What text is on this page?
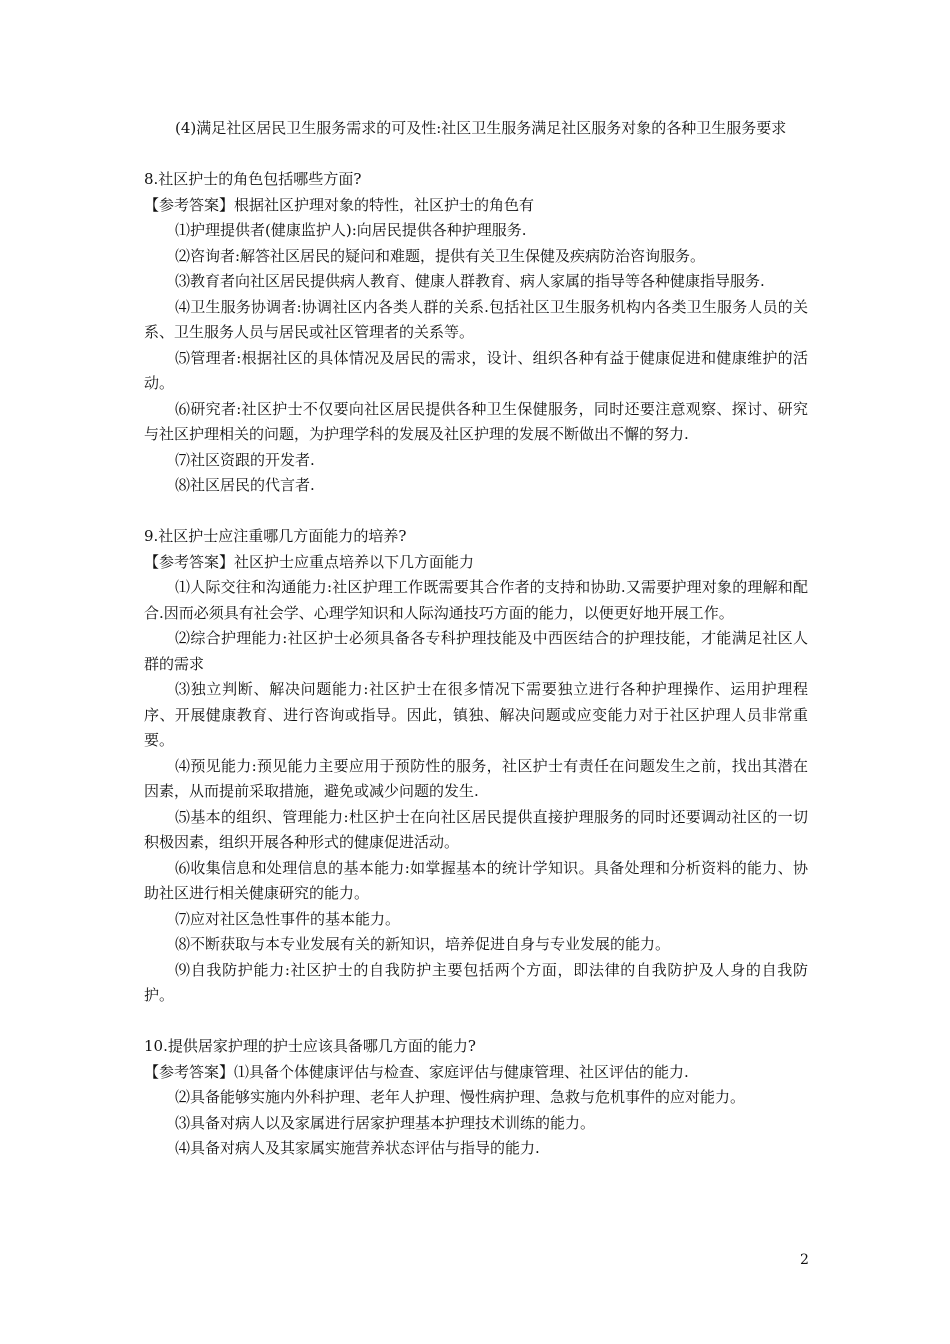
(4)满足社区居民卫生服务需求的可及性:社区卫生服务满足社区服务对象的各种卫生服务要求

8.社区护士的角色包括哪些方面?

【参考答案】根据社区护理对象的特性，社区护士的角色有

⑴护理提供者(健康监护人):向居民提供各种护理服务.

⑵咨询者:解答社区居民的疑问和难题，提供有关卫生保健及疾病防治咨询服务。

⑶教育者向社区居民提供病人教育、健康人群教育、病人家属的指导等各种健康指导服务.

⑷卫生服务协调者:协调社区内各类人群的关系.包括社区卫生服务机构内各类卫生服务人员的关系、卫生服务人员与居民或社区管理者的关系等。

⑸管理者:根据社区的具体情况及居民的需求，设计、组织各种有益于健康促进和健康维护的活动。

⑹研究者:社区护士不仅要向社区居民提供各种卫生保健服务，同时还要注意观察、探讨、研究与社区护理相关的问题，为护理学科的发展及社区护理的发展不断做出不懈的努力.

⑺社区资跟的开发者.

⑻社区居民的代言者.

9.社区护士应注重哪几方面能力的培养?

【参考答案】社区护士应重点培养以下几方面能力

⑴人际交往和沟通能力:社区护理工作既需要其合作者的支持和协助.又需要护理对象的理解和配合.因而必须具有社会学、心理学知识和人际沟通技巧方面的能力，以便更好地开展工作。

⑵综合护理能力:社区护士必须具备各专科护理技能及中西医结合的护理技能，才能满足社区人群的需求

⑶独立判断、解决问题能力:社区护士在很多情况下需要独立进行各种护理操作、运用护理程序、开展健康教育、进行咨询或指导。因此，镇独、解决问题或应变能力对于社区护理人员非常重要。

⑷预见能力:预见能力主要应用于预防性的服务，社区护士有责任在问题发生之前，找出其潜在因素，从而提前采取措施，避免或减少问题的发生.

⑸基本的组织、管理能力:杜区护士在向社区居民提供直接护理服务的同时还要调动社区的一切积极因素，组织开展各种形式的健康促进活动。

⑹收集信息和处理信息的基本能力:如掌握基本的统计学知识。具备处理和分析资料的能力、协助社区进行相关健康研究的能力。

⑺应对社区急性事件的基本能力。

⑻不断获取与本专业发展有关的新知识，培养促进自身与专业发展的能力。

⑼自我防护能力:社区护士的自我防护主要包括两个方面，即法律的自我防护及人身的自我防护。

10.提供居家护理的护士应该具备哪几方面的能力?

【参考答案】⑴具备个体健康评估与检查、家庭评估与健康管理、社区评估的能力.

⑵具备能够实施内外科护理、老年人护理、慢性病护理、急救与危机事件的应对能力。

⑶具备对病人以及家属进行居家护理基本护理技术训练的能力。

⑷具备对病人及其家属实施营养状态评估与指导的能力.

2
